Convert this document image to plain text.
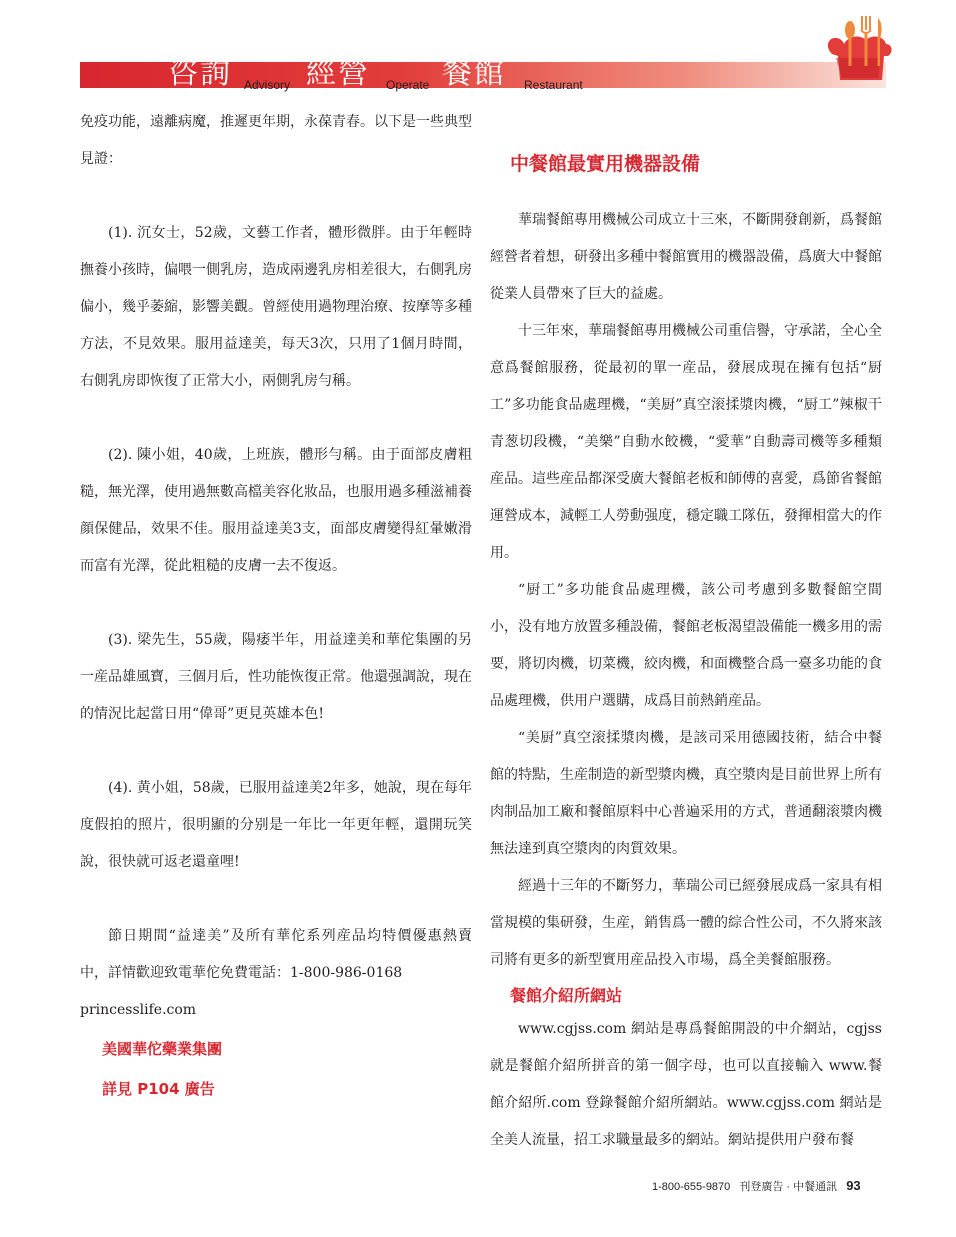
咨詢 Advisory 經營 Operate 餐館 Restaurant

免疫功能，遠離病魔，推遲更年期，永葆青春。以下是一些典型見證：

(1). 沉女士，52歲，文藝工作者，體形微胖。由于年輕時撫養小孩時，偏喂一側乳房，造成兩邊乳房相差很大，右側乳房偏小，幾乎萎縮，影響美觀。曾經使用過物理治療、按摩等多種方法，不見效果。服用益達美，每天3次，只用了1個月時間，右側乳房即恢復了正常大小，兩側乳房勻稱。

(2). 陳小姐，40歲，上班族，體形勻稱。由于面部皮膚粗糙，無光澤，使用過無數高檔美容化妝品，也服用過多種滋補養顔保健品，效果不佳。服用益達美3支，面部皮膚變得紅暈嫩滑而富有光澤，從此粗糙的皮膚一去不復返。

(3). 梁先生，55歲，陽痿半年，用益達美和華佗集團的另一産品雄風寶，三個月后，性功能恢復正常。他還强調說，現在的情況比起當日用“偉哥”更見英雄本色!

(4). 黄小姐，58歲，已服用益達美2年多，她說，現在每年度假拍的照片，很明顯的分别是一年比一年更年輕，還開玩笑說，很快就可返老還童哩!

節日期間“益達美”及所有華佗系列産品均特價優惠熱賣中，詳情歡迎致電華佗免費電話：1-800-986-0168

princesslife.com

美國華佗藥業集團

詳見 P104 廣告

中餐館最實用機器設備

華瑞餐館專用機械公司成立十三來，不斷開發創新，爲餐館經營者着想，研發出多種中餐館實用的機器設備，爲廣大中餐館從業人員帶來了巨大的益處。

十三年來，華瑞餐館專用機械公司重信譽，守承諾，全心全意爲餐館服務，從最初的單一産品，發展成現在擁有包括“厨工”多功能食品處理機，“美厨”真空滚揉漿肉機，“厨工”辣椒干青葱切段機，“美樂”自動水餃機，“愛華”自動壽司機等多種類産品。這些産品都深受廣大餐館老板和師傅的喜愛，爲節省餐館運營成本，減輕工人勞動强度，穩定職工隊伍，發揮相當大的作用。

“厨工”多功能食品處理機，該公司考慮到多數餐館空間小，没有地方放置多種設備，餐館老板渴望設備能一機多用的需要，將切肉機，切菜機，絞肉機，和面機整合爲一臺多功能的食品處理機，供用户選購，成爲目前熱銷産品。

“美厨”真空滚揉漿肉機，是該司采用德國技術，結合中餐館的特點，生産制造的新型漿肉機，真空漿肉是目前世界上所有肉制品加工廠和餐館原料中心普遍采用的方式，普通翻滚漿肉機無法達到真空漿肉的肉質效果。

經過十三年的不斷努力，華瑞公司已經發展成爲一家具有相當規模的集研發，生産，銷售爲一體的綜合性公司，不久將來該司將有更多的新型實用産品投入市場，爲全美餐館服務。

餐館介紹所網站

www.cgjss.com 網站是專爲餐館開設的中介網站，cgjss 就是餐館介紹所拼音的第一個字母，也可以直接輸入 www.餐館介紹所.com 登錄餐館介紹所網站。www.cgjss.com 網站是全美人流量，招工求職量最多的網站。網站提供用户發布餐

1-800-655-9870 刊登廣告 · 中餐通訊 93
